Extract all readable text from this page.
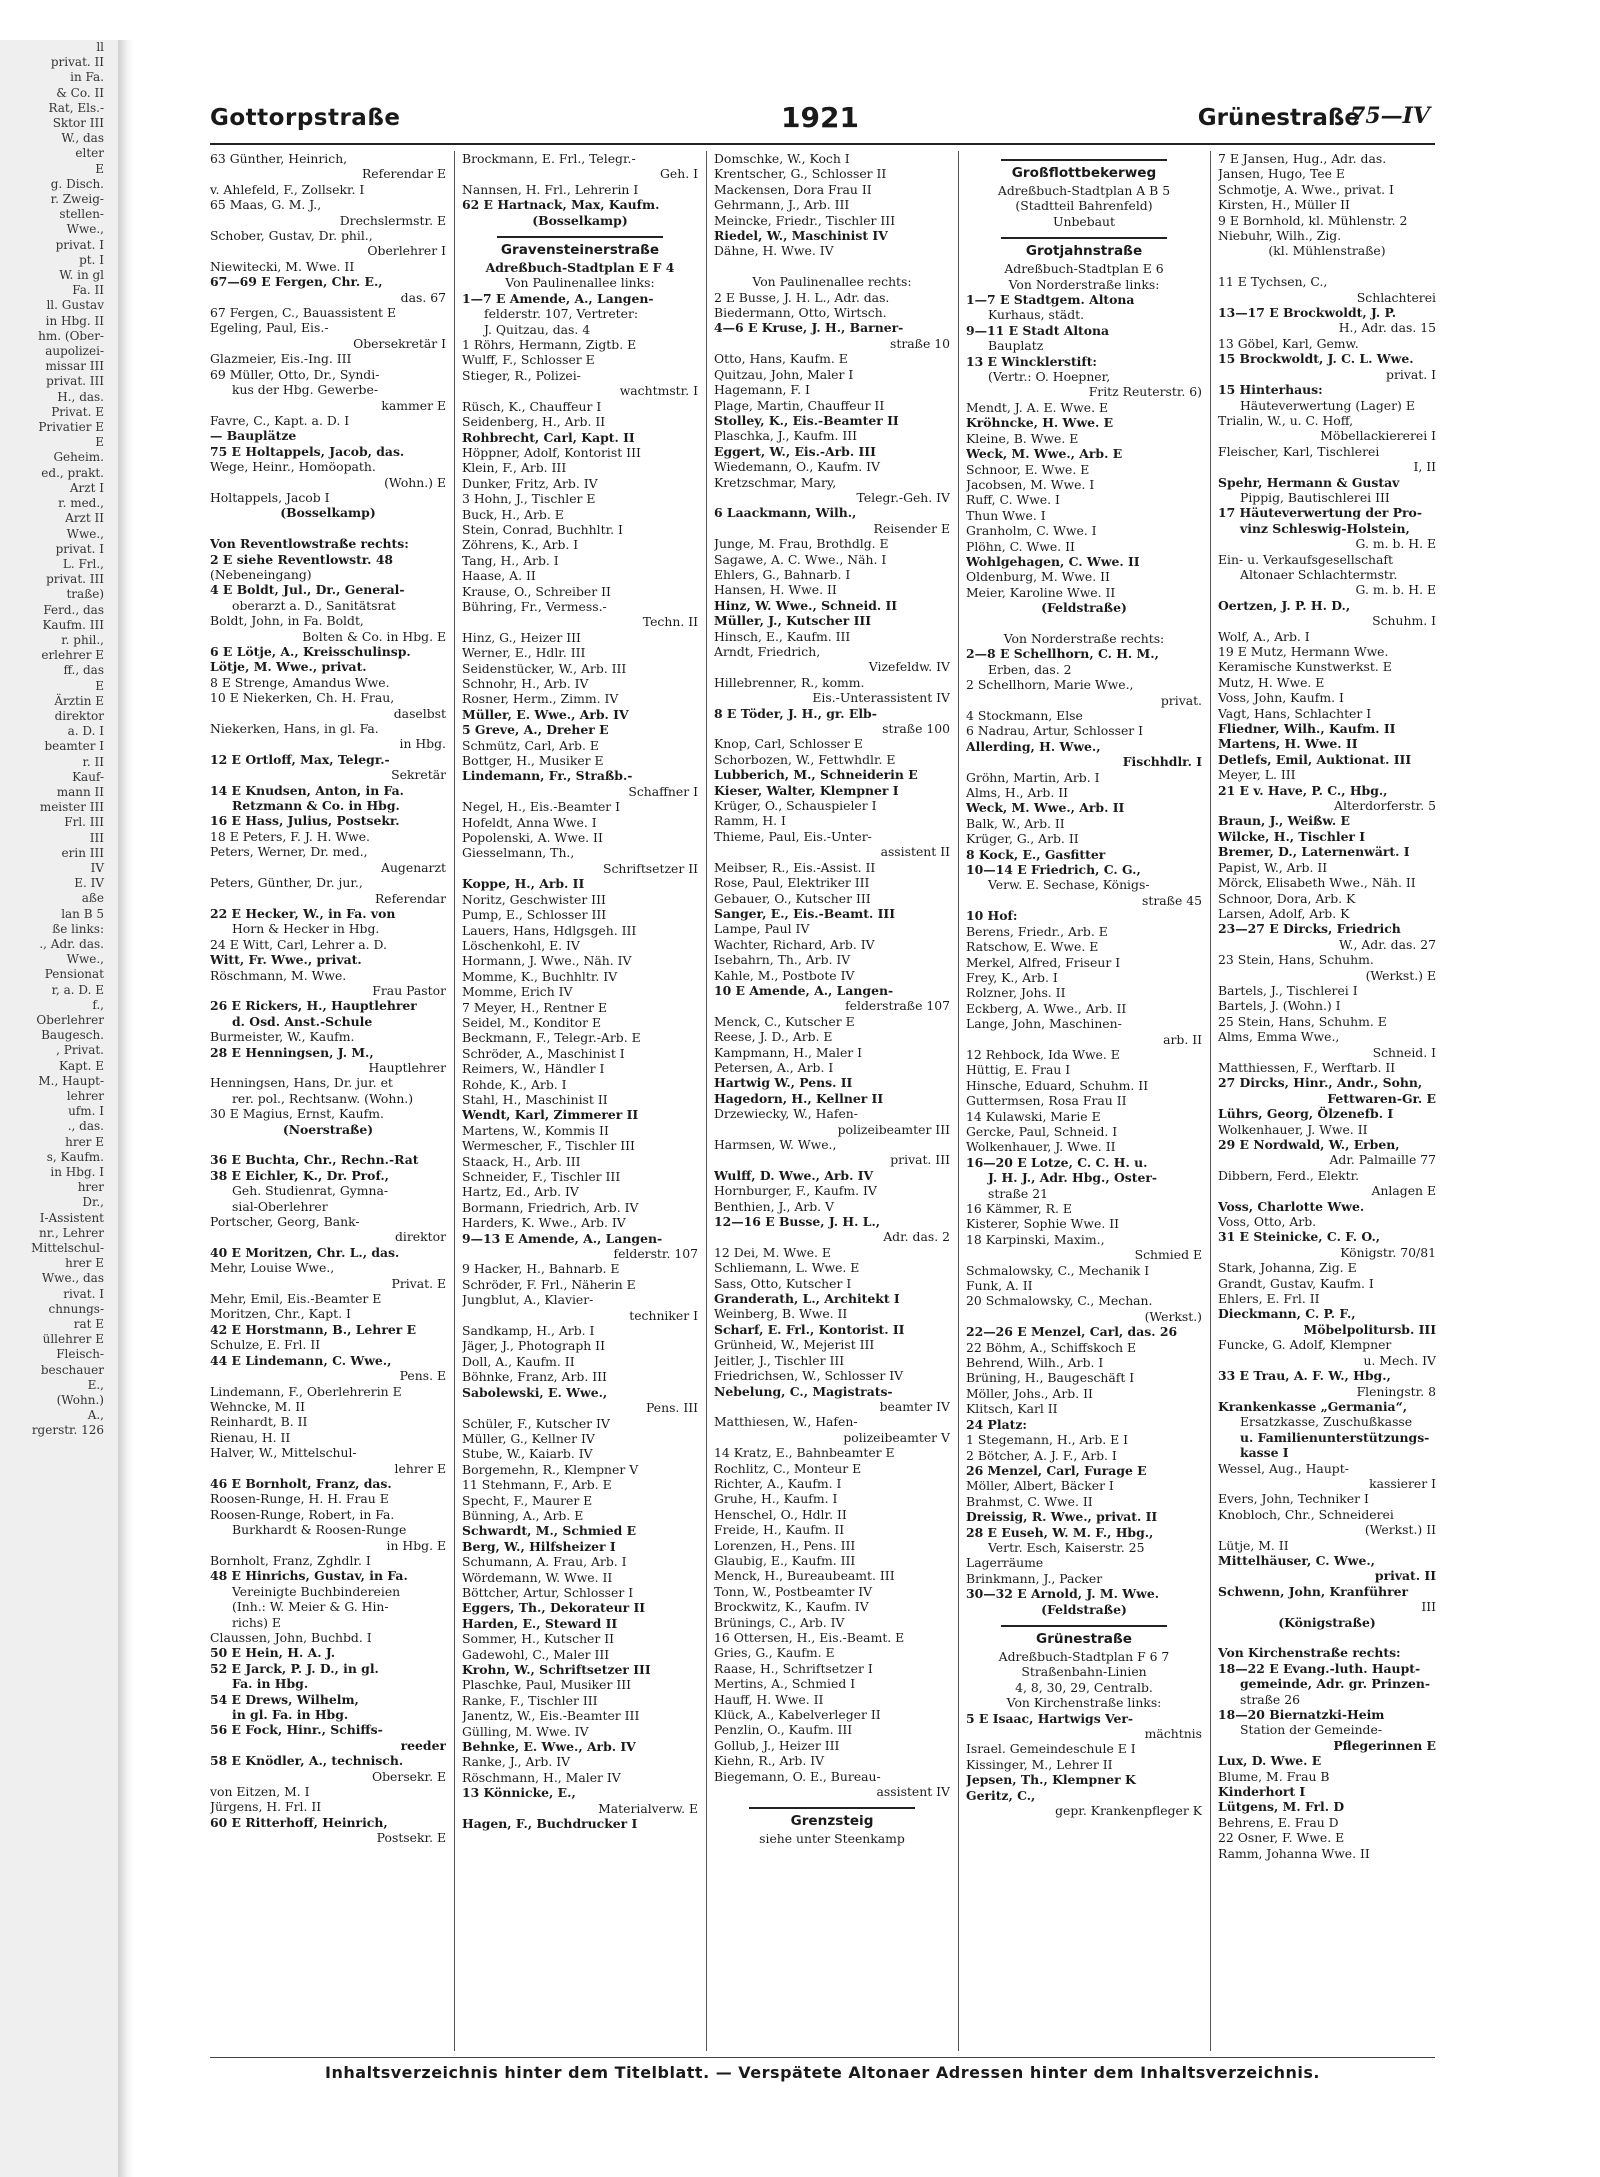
ll
privat. II
in Fa.
& Co. II
Rat, Els.-
Sktor III
W., das
elter
E
g. Disch.
r. Zweig-
stellen-
Wwe.,
privat. I
pt. I
W. in gl
Fa. II
ll. Gustav
in Hbg. II
hm. (Ober-
aupolizei-
missar III
privat. III
H., das.
Privat. E
Privatier E
E
Geheim.
ed., prakt.
Arzt I
r. med.,
Arzt II
Wwe.,
privat. I
L. Frl.,
privat. III
traße)
Ferd., das
Kaufm. III
r. phil.,
erlehrer E
ff., das
E
Ärztin E
direktor
a. D. I
beamter I
r. II
Kauf-
mann II
meister III
Frl. III
III
erin III
IV
E. IV
aße
lan B 5
ße links:
., Adr. das.
Wwe.,
Pensionat
r, a. D. E
f.,
Oberlehrer
Baugesch.
, Privat.
Kapt. E
M., Haupt-
lehrer
ufm. I
., das.
hrer E
s, Kaufm.
in Hbg. I
hrer
Dr.,
I-Assistent
nr., Lehrer
Mittelschul-
hrer E
Wwe., das
rivat. I
chnungs-
rat E
üllehrer E
Fleisch-
beschauer
E.,
(Wohn.)
A.,
rgerstr. 126
Gottorpstraße	1921	Grünestraße
75—IV
63 Günther, Heinrich,
Referendar E
v. Ahlefeld, F., Zollsekr. I
65 Maas, G. M. J.,
Drechslermstr. E
Schober, Gustav, Dr. phil.,
Oberlehrer I
Niewitecki, M. Wwe. II
67—69 E Fergen, Chr. E.,
das. 67
67 Fergen, C., Bauassistent E
Egeling, Paul, Eis.-
Obersekretär I
Glazmeier, Eis.-Ing. III
69 Müller, Otto, Dr., Syndi-
kus der Hbg. Gewerbe-
kammer E
Favre, C., Kapt. a. D. I
— Bauplätze
75 E Holtappels, Jacob, das.
Wege, Heinr., Homöopath.
(Wohn.) E
Holtappels, Jacob I
(Bosselkamp)

Von Reventlowstraße rechts:
2 E siehe Reventlowstr. 48
(Nebeneingang)
4 E Boldt, Jul., Dr., General-
oberarzt a. D., Sanitätsrat
Boldt, John, in Fa. Boldt,
Bolten & Co. in Hbg. E
6 E Lötje, A., Kreisschulinsp.
Lötje, M. Wwe., privat.
8 E Strenge, Amandus Wwe.
10 E Niekerken, Ch. H. Frau,
daselbst
Niekerken, Hans, in gl. Fa.
in Hbg.
12 E Ortloff, Max, Telegr.-
Sekretär
14 E Knudsen, Anton, in Fa.
Retzmann & Co. in Hbg.
16 E Hass, Julius, Postsekr.
18 E Peters, F. J. H. Wwe.
Peters, Werner, Dr. med.,
Augenarzt
Peters, Günther, Dr. jur.,
Referendar
22 E Hecker, W., in Fa. von
Horn & Hecker in Hbg.
24 E Witt, Carl, Lehrer a. D.
Witt, Fr. Wwe., privat.
Röschmann, M. Wwe.
Frau Pastor
26 E Rickers, H., Hauptlehrer
d. Osd. Anst.-Schule
Burmeister, W., Kaufm.
28 E Henningsen, J. M.,
Hauptlehrer
Henningsen, Hans, Dr. jur. et
rer. pol., Rechtsanw. (Wohn.)
30 E Magius, Ernst, Kaufm.
(Noerstraße)

36 E Buchta, Chr., Rechn.-Rat
38 E Eichler, K., Dr. Prof.,
Geh. Studienrat, Gymna-
sial-Oberlehrer
Portscher, Georg, Bank-
direktor
40 E Moritzen, Chr. L., das.
Mehr, Louise Wwe.,
Privat. E
Mehr, Emil, Eis.-Beamter E
Moritzen, Chr., Kapt. I
42 E Horstmann, B., Lehrer E
Schulze, E. Frl. II
44 E Lindemann, C. Wwe.,
Pens. E
Lindemann, F., Oberlehrerin E
Wehncke, M. II
Reinhardt, B. II
Rienau, H. II
Halver, W., Mittelschul-
lehrer E
46 E Bornholt, Franz, das.
Roosen-Runge, H. H. Frau E
Roosen-Runge, Robert, in Fa.
Burkhardt & Roosen-Runge
in Hbg. E
Bornholt, Franz, Zghdlr. I
48 E Hinrichs, Gustav, in Fa.
Vereinigte Buchbindereien
(Inh.: W. Meier & G. Hin-
richs) E
Claussen, John, Buchbd. I
50 E Hein, H. A. J.
52 E Jarck, P. J. D., in gl.
Fa. in Hbg.
54 E Drews, Wilhelm,
in gl. Fa. in Hbg.
56 E Fock, Hinr., Schiffs-
reeder
58 E Knödler, A., technisch.
Obersekr. E
von Eitzen, M. I
Jürgens, H. Frl. II
60 E Ritterhoff, Heinrich,
Postsekr. E
Brockmann, E. Frl., Telegr.-
Geh. I
Nannsen, H. Frl., Lehrerin I
62 E Hartnack, Max, Kaufm.
(Bosselkamp)
Gravensteinerstraße
Adreßbuch-Stadtplan E F 4
Von Paulinenallee links:
1—7 E Amende, A., Langen-
felderstr. 107, Vertreter:
J. Quitzau, das. 4
1 Röhrs, Hermann, Zigtb. E
Wulff, F., Schlosser E
Stieger, R., Polizei-
wachtmstr. I
Rüsch, K., Chauffeur I
Seidenberg, H., Arb. II
Rohbrecht, Carl, Kapt. II
Höppner, Adolf, Kontorist III
Klein, F., Arb. III
Dunker, Fritz, Arb. IV
3 Hohn, J., Tischler E
Buck, H., Arb. E
Stein, Conrad, Buchhltr. I
Zöhrens, K., Arb. I
Tang, H., Arb. I
Haase, A. II
Krause, O., Schreiber II
Bühring, Fr., Vermess.-
Techn. II
Hinz, G., Heizer III
Werner, E., Hdlr. III
Seidenstücker, W., Arb. III
Schnohr, H., Arb. IV
Rosner, Herm., Zimm. IV
Müller, E. Wwe., Arb. IV
5 Greve, A., Dreher E
Schmütz, Carl, Arb. E
Bottger, H., Musiker E
Lindemann, Fr., Straßb.-
Schaffner I
Negel, H., Eis.-Beamter I
Hofeldt, Anna Wwe. I
Popolenski, A. Wwe. II
Giesselmann, Th.,
Schriftsetzer II
Koppe, H., Arb. II
Noritz, Geschwister III
Pump, E., Schlosser III
Lauers, Hans, Hdlgsgeh. III
Löschenkohl, E. IV
Hormann, J. Wwe., Näh. IV
Momme, K., Buchhltr. IV
Momme, Erich IV
7 Meyer, H., Rentner E
Seidel, M., Konditor E
Beckmann, F., Telegr.-Arb. E
Schröder, A., Maschinist I
Reimers, W., Händler I
Rohde, K., Arb. I
Stahl, H., Maschinist II
Wendt, Karl, Zimmerer II
Martens, W., Kommis II
Wermescher, F., Tischler III
Staack, H., Arb. III
Schneider, F., Tischler III
Hartz, Ed., Arb. IV
Bormann, Friedrich, Arb. IV
Harders, K. Wwe., Arb. IV
9—13 E Amende, A., Langen-
felderstr. 107
9 Hacker, H., Bahnarb. E
Schröder, F. Frl., Näherin E
Jungblut, A., Klavier-
techniker I
Sandkamp, H., Arb. I
Jäger, J., Photograph II
Doll, A., Kaufm. II
Böhnke, Franz, Arb. III
Sabolewski, E. Wwe.,
Pens. III
Schüler, F., Kutscher IV
Müller, G., Kellner IV
Stube, W., Kaiarb. IV
Borgemehn, R., Klempner V
11 Stehmann, F., Arb. E
Specht, F., Maurer E
Bünning, A., Arb. E
Schwardt, M., Schmied E
Berg, W., Hilfsheizer I
Schumann, A. Frau, Arb. I
Wördemann, W. Wwe. II
Böttcher, Artur, Schlosser I
Eggers, Th., Dekorateur II
Harden, E., Steward II
Sommer, H., Kutscher II
Gadewohl, C., Maler III
Krohn, W., Schriftsetzer III
Plaschke, Paul, Musiker III
Ranke, F., Tischler III
Janentz, W., Eis.-Beamter III
Gülling, M. Wwe. IV
Behnke, E. Wwe., Arb. IV
Ranke, J., Arb. IV
Röschmann, H., Maler IV
13 Könnicke, E.,
Materialverw. E
Hagen, F., Buchdrucker I
Domschke, W., Koch I
Krentscher, G., Schlosser II
Mackensen, Dora Frau II
Gehrmann, J., Arb. III
Meincke, Friedr., Tischler III
Riedel, W., Maschinist IV
Dähne, H. Wwe. IV

Von Paulinenallee rechts:
2 E Busse, J. H. L., Adr. das.
Biedermann, Otto, Wirtsch.
4—6 E Kruse, J. H., Barner-
straße 10
Otto, Hans, Kaufm. E
Quitzau, John, Maler I
Hagemann, F. I
Plage, Martin, Chauffeur II
Stolley, K., Eis.-Beamter II
Plaschka, J., Kaufm. III
Eggert, W., Eis.-Arb. III
Wiedemann, O., Kaufm. IV
Kretzschmar, Mary,
Telegr.-Geh. IV
6 Laackmann, Wilh.,
Reisender E
Junge, M. Frau, Brothdlg. E
Sagawe, A. C. Wwe., Näh. I
Ehlers, G., Bahnarb. I
Hansen, H. Wwe. II
Hinz, W. Wwe., Schneid. II
Müller, J., Kutscher III
Hinsch, E., Kaufm. III
Arndt, Friedrich,
Vizefeldw. IV
Hillebrenner, R., komm.
Eis.-Unterassistent IV
8 E Töder, J. H., gr. Elb-
straße 100
Knop, Carl, Schlosser E
Schorbozen, W., Fettwhdlr. E
Lubberich, M., Schneiderin E
Kieser, Walter, Klempner I
Krüger, O., Schauspieler I
Ramm, H. I
Thieme, Paul, Eis.-Unter-
assistent II
Meibser, R., Eis.-Assist. II
Rose, Paul, Elektriker III
Gebauer, O., Kutscher III
Sanger, E., Eis.-Beamt. III
Lampe, Paul IV
Wachter, Richard, Arb. IV
Isebahrn, Th., Arb. IV
Kahle, M., Postbote IV
10 E Amende, A., Langen-
felderstraße 107
Menck, C., Kutscher E
Reese, J. D., Arb. E
Kampmann, H., Maler I
Petersen, A., Arb. I
Hartwig W., Pens. II
Hagedorn, H., Kellner II
Drzewiecky, W., Hafen-
polizeibeamter III
Harmsen, W. Wwe.,
privat. III
Wulff, D. Wwe., Arb. IV
Hornburger, F., Kaufm. IV
Benthien, J., Arb. V
12—16 E Busse, J. H. L.,
Adr. das. 2
12 Dei, M. Wwe. E
Schliemann, L. Wwe. E
Sass, Otto, Kutscher I
Granderath, L., Architekt I
Weinberg, B. Wwe. II
Scharf, E. Frl., Kontorist. II
Grünheid, W., Mejerist III
Jeitler, J., Tischler III
Friedrichsen, W., Schlosser IV
Nebelung, C., Magistrats-
beamter IV
Matthiesen, W., Hafen-
polizeibeamter V
14 Kratz, E., Bahnbeamter E
Rochlitz, C., Monteur E
Richter, A., Kaufm. I
Gruhe, H., Kaufm. I
Henschel, O., Hdlr. II
Freide, H., Kaufm. II
Lorenzen, H., Pens. III
Glaubig, E., Kaufm. III
Menck, H., Bureaubeamt. III
Tonn, W., Postbeamter IV
Brockwitz, K., Kaufm. IV
Brünings, C., Arb. IV
16 Ottersen, H., Eis.-Beamt. E
Gries, G., Kaufm. E
Raase, H., Schriftsetzer I
Mertins, A., Schmied I
Hauff, H. Wwe. II
Klück, A., Kabelverleger II
Penzlin, O., Kaufm. III
Gollub, J., Heizer III
Kiehn, R., Arb. IV
Biegemann, O. E., Bureau-
assistent IV
Grenzsteig
siehe unter Steenkamp
Großflottbekerweg
Adreßbuch-Stadtplan A B 5
(Stadtteil Bahrenfeld)
Unbebaut
Grotjahnstraße
Adreßbuch-Stadtplan E 6
Von Norderstraße links:
1—7 E Stadtgem. Altona
Kurhaus, städt.
9—11 E Stadt Altona
Bauplatz
13 E Wincklerstift:
(Vertr.: O. Hoepner,
Fritz Reuterstr. 6)
Mendt, J. A. E. Wwe. E
Kröhncke, H. Wwe. E
Kleine, B. Wwe. E
Weck, M. Wwe., Arb. E
Schnoor, E. Wwe. E
Jacobsen, M. Wwe. I
Ruff, C. Wwe. I
Thun Wwe. I
Granholm, C. Wwe. I
Plöhn, C. Wwe. II
Wohlgehagen, C. Wwe. II
Oldenburg, M. Wwe. II
Meier, Karoline Wwe. II
(Feldstraße)

Von Norderstraße rechts:
2—8 E Schellhorn, C. H. M.,
Erben, das. 2
2 Schellhorn, Marie Wwe.,
privat.
4 Stockmann, Else
6 Nadrau, Artur, Schlosser I
Allerding, H. Wwe.,
Fischhdlr. I
Gröhn, Martin, Arb. I
Alms, H., Arb. II
Weck, M. Wwe., Arb. II
Balk, W., Arb. II
Krüger, G., Arb. II
8 Kock, E., Gasfitter
10—14 E Friedrich, C. G.,
Verw. E. Sechase, Königs-
straße 45
10 Hof:
Berens, Friedr., Arb. E
Ratschow, E. Wwe. E
Merkel, Alfred, Friseur I
Frey, K., Arb. I
Rolzner, Johs. II
Eckberg, A. Wwe., Arb. II
Lange, John, Maschinen-
arb. II
12 Rehbock, Ida Wwe. E
Hüttig, E. Frau I
Hinsche, Eduard, Schuhm. II
Guttermsen, Rosa Frau II
14 Kulawski, Marie E
Gercke, Paul, Schneid. I
Wolkenhauer, J. Wwe. II
16—20 E Lotze, C. C. H. u.
J. H. J., Adr. Hbg., Oster-
straße 21
16 Kämmer, R. E
Kisterer, Sophie Wwe. II
18 Karpinski, Maxim.,
Schmied E
Schmalowsky, C., Mechanik I
Funk, A. II
20 Schmalowsky, C., Mechan.
(Werkst.)
22—26 E Menzel, Carl, das. 26
22 Böhm, A., Schiffskoch E
Behrend, Wilh., Arb. I
Brüning, H., Baugeschäft I
Möller, Johs., Arb. II
Klitsch, Karl II
24 Platz:
1 Stegemann, H., Arb. E I
2 Bötcher, A. J. F., Arb. I
26 Menzel, Carl, Furage E
Möller, Albert, Bäcker I
Brahmst, C. Wwe. II
Dreissig, R. Wwe., privat. II
28 E Euseh, W. M. F., Hbg.,
Vertr. Esch, Kaiserstr. 25
Lagerräume
Brinkmann, J., Packer
30—32 E Arnold, J. M. Wwe.
(Feldstraße)
Grünestraße
Adreßbuch-Stadtplan F 6 7
Straßenbahn-Linien
4, 8, 30, 29, Centralb.
Von Kirchenstraße links:
5 E Isaac, Hartwigs Ver-
mächtnis
Israel. Gemeindeschule E I
Kissinger, M., Lehrer II
Jepsen, Th., Klempner K
Geritz, C.,
gepr. Krankenpfleger K
7 E Jansen, Hug., Adr. das.
Jansen, Hugo, Tee E
Schmotje, A. Wwe., privat. I
Kirsten, H., Müller II
9 E Bornhold, kl. Mühlenstr. 2
Niebuhr, Wilh., Zig.
(kl. Mühlenstraße)

11 E Tychsen, C.,
Schlachterei
13—17 E Brockwoldt, J. P.
H., Adr. das. 15
13 Göbel, Karl, Gemw.
15 Brockwoldt, J. C. L. Wwe.
privat. I
15 Hinterhaus:
Häuteverwertung (Lager) E
Trialin, W., u. C. Hoff,
Möbellackiererei I
Fleischer, Karl, Tischlerei
I, II
Spehr, Hermann & Gustav
Pippig, Bautischlerei III
17 Häuteverwertung der Pro-
vinz Schleswig-Holstein,
G. m. b. H. E
Ein- u. Verkaufsgesellschaft
Altonaer Schlachtermstr.
G. m. b. H. E
Oertzen, J. P. H. D.,
Schuhm. I
Wolf, A., Arb. I
19 E Mutz, Hermann Wwe.
Keramische Kunstwerkst. E
Mutz, H. Wwe. E
Voss, John, Kaufm. I
Vagt, Hans, Schlachter I
Fliedner, Wilh., Kaufm. II
Martens, H. Wwe. II
Detlefs, Emil, Auktionat. III
Meyer, L. III
21 E v. Have, P. C., Hbg.,
Alterdorferstr. 5
Braun, J., Weißw. E
Wilcke, H., Tischler I
Bremer, D., Laternenwärt. I
Papist, W., Arb. II
Mörck, Elisabeth Wwe., Näh. II
Schnoor, Dora, Arb. K
Larsen, Adolf, Arb. K
23—27 E Dircks, Friedrich
W., Adr. das. 27
23 Stein, Hans, Schuhm.
(Werkst.) E
Bartels, J., Tischlerei I
Bartels, J. (Wohn.) I
25 Stein, Hans, Schuhm. E
Alms, Emma Wwe.,
Schneid. I
Matthiessen, F., Werftarb. II
27 Dircks, Hinr., Andr., Sohn,
Fettwaren-Gr. E
Lührs, Georg, Ölzenefb. I
Wolkenhauer, J. Wwe. II
29 E Nordwald, W., Erben,
Adr. Palmaille 77
Dibbern, Ferd., Elektr.
Anlagen E
Voss, Charlotte Wwe.
Voss, Otto, Arb.
31 E Steinicke, C. F. O.,
Königstr. 70/81
Stark, Johanna, Zig. E
Grandt, Gustav, Kaufm. I
Ehlers, E. Frl. II
Dieckmann, C. P. F.,
Möbelpolitursb. III
Funcke, G. Adolf, Klempner
u. Mech. IV
33 E Trau, A. F. W., Hbg.,
Fleningstr. 8
Krankenkasse „Germania“,
Ersatzkasse, Zuschußkasse
u. Familienunterstützungs-
kasse I
Wessel, Aug., Haupt-
kassierer I
Evers, John, Techniker I
Knobloch, Chr., Schneiderei
(Werkst.) II
Lütje, M. II
Mittelhäuser, C. Wwe.,
privat. II
Schwenn, John, Kranführer
III
(Königstraße)

Von Kirchenstraße rechts:
18—22 E Evang.-luth. Haupt-
gemeinde, Adr. gr. Prinzen-
straße 26
18—20 Biernatzki-Heim
Station der Gemeinde-
Pflegerinnen E
Lux, D. Wwe. E
Blume, M. Frau B
Kinderhort I
Lütgens, M. Frl. D
Behrens, E. Frau D
22 Osner, F. Wwe. E
Ramm, Johanna Wwe. II
Inhaltsverzeichnis hinter dem Titelblatt. — Verspätete Altonaer Adressen hinter dem Inhaltsverzeichnis.
